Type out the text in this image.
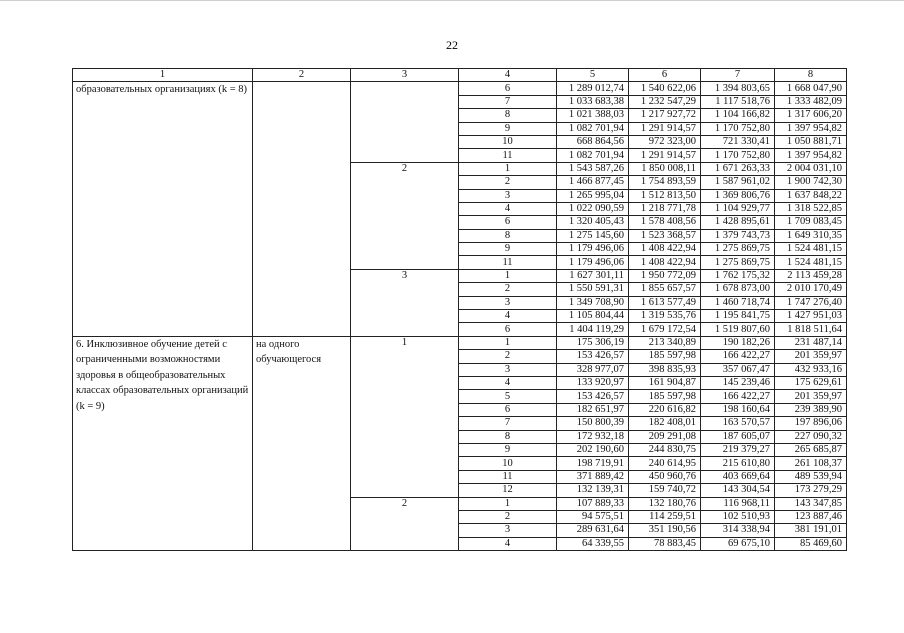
22
1	2	3	4	5	6	7	8
образовательных организациях (k = 8)			6	1 289 012,74	1 540 622,06	1 394 803,65	1 668 047,90
			7	1 033 683,38	1 232 547,29	1 117 518,76	1 333 482,09
			8	1 021 388,03	1 217 927,72	1 104 166,82	1 317 606,20
			9	1 082 701,94	1 291 914,57	1 170 752,80	1 397 954,82
			10	668 864,56	972 323,00	721 330,41	1 050 881,71
			11	1 082 701,94	1 291 914,57	1 170 752,80	1 397 954,82
		2	1	1 543 587,26	1 850 008,11	1 671 263,33	2 004 031,10
			2	1 466 877,45	1 754 893,59	1 587 961,02	1 900 742,30
			3	1 265 995,04	1 512 813,50	1 369 806,76	1 637 848,22
			4	1 022 090,59	1 218 771,78	1 104 929,77	1 318 522,85
			6	1 320 405,43	1 578 408,56	1 428 895,61	1 709 083,45
			8	1 275 145,60	1 523 368,57	1 379 743,73	1 649 310,35
			9	1 179 496,06	1 408 422,94	1 275 869,75	1 524 481,15
			11	1 179 496,06	1 408 422,94	1 275 869,75	1 524 481,15
		3	1	1 627 301,11	1 950 772,09	1 762 175,32	2 113 459,28
			2	1 550 591,31	1 855 657,57	1 678 873,00	2 010 170,49
			3	1 349 708,90	1 613 577,49	1 460 718,74	1 747 276,40
			4	1 105 804,44	1 319 535,76	1 195 841,75	1 427 951,03
			6	1 404 119,29	1 679 172,54	1 519 807,60	1 818 511,64
6. Инклюзивное обучение детей с ограниченными возможностями здоровья в общеобразовательных классах образовательных организаций (k = 9)	на одного обучающегося	1	1	175 306,19	213 340,89	190 182,26	231 487,14
			2	153 426,57	185 597,98	166 422,27	201 359,97
			3	328 977,07	398 835,93	357 067,47	432 933,16
			4	133 920,97	161 904,87	145 239,46	175 629,61
			5	153 426,57	185 597,98	166 422,27	201 359,97
			6	182 651,97	220 616,82	198 160,64	239 389,90
			7	150 800,39	182 408,01	163 570,57	197 896,06
			8	172 932,18	209 291,08	187 605,07	227 090,32
			9	202 190,60	244 830,75	219 379,27	265 685,87
			10	198 719,91	240 614,95	215 610,80	261 108,37
			11	371 889,42	450 960,76	403 669,64	489 539,94
			12	132 139,31	159 740,72	143 304,54	173 279,29
		2	1	107 889,33	132 180,76	116 968,11	143 347,85
			2	94 575,51	114 259,51	102 510,93	123 887,46
			3	289 631,64	351 190,56	314 338,94	381 191,01
			4	64 339,55	78 883,45	69 675,10	85 469,60
